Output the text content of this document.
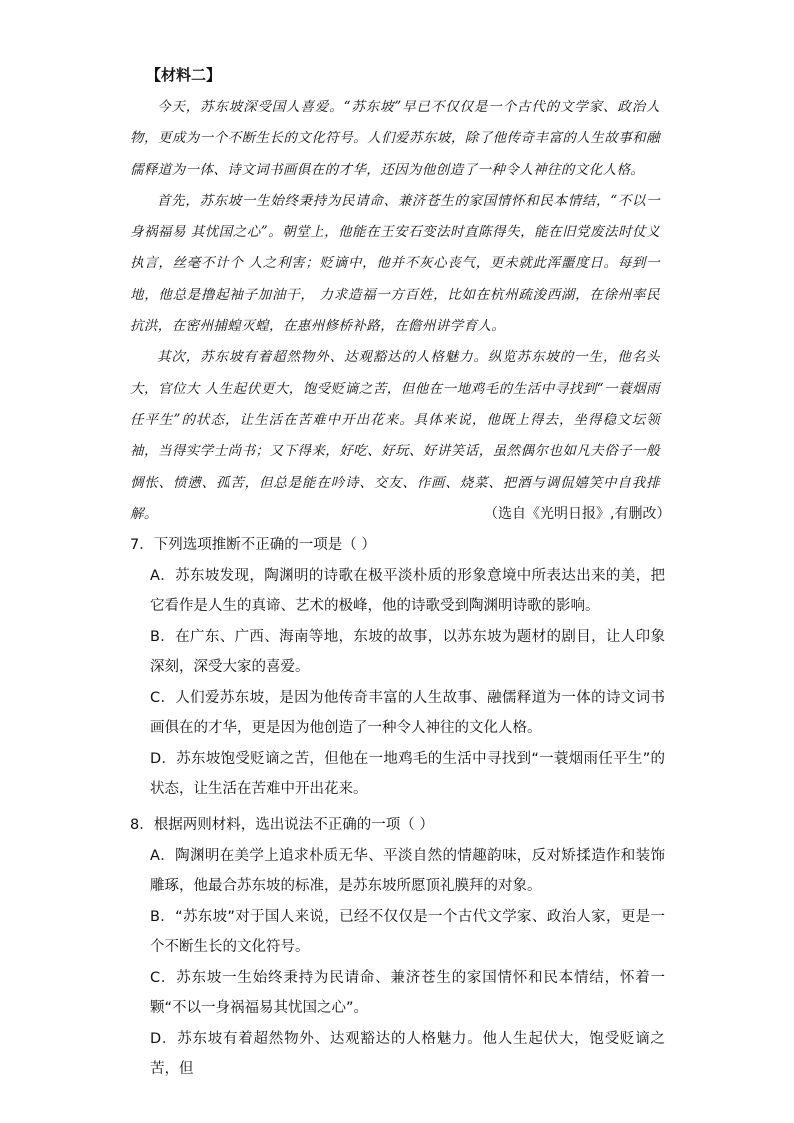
【材料二】

今天，苏东坡深受国人喜爱。“苏东坡”早已不仅仅是一个古代的文学家、政治人物，更成为一个不断生长的文化符号。人们爱苏东坡，除了他传奇丰富的人生故事和融儒释道为一体、诗文词书画俱在的才华，还因为他创造了一种令人神往的文化人格。

首先，苏东坡一生始终秉持为民请命、兼济苍生的家国情怀和民本情结，“不以一身祸福易 其忧国之心”。朝堂上，他能在王安石变法时直陈得失，能在旧党废法时仗义执言，丝毫不计个 人之利害；贬谪中，他并不灰心丧气，更未就此浑噩度日。每到一地，他总是撸起袖子加油干， 力求造福一方百姓，比如在杭州疏浚西湖，在徐州率民抗洪，在密州捕蝗灭蝗，在惠州修桥补路，在儋州讲学育人。

其次，苏东坡有着超然物外、达观豁达的人格魅力。纵览苏东坡的一生，他名头大，官位大 人生起伏更大，饱受贬谪之苦，但他在一地鸡毛的生活中寻找到“一蓑烟雨任平生”的状态，让生活在苦难中开出花来。具体来说，他既上得去，坐得稳文坛领袖，当得实学士尚书；又下得来，好吃、好玩、好讲笑话，虽然偶尔也如凡夫俗子一般惆怅、愤懑、孤苦，但总是能在吟诗、交友、作画、烧菜、把酒与调侃嬉笑中自我排解。	（选自《光明日报》,有删改）

7．下列选项推断不正确的一项是（ ）

A．苏东坡发现，陶渊明的诗歌在极平淡朴质的形象意境中所表达出来的美，把它看作是人生的真谛、艺术的极峰，他的诗歌受到陶渊明诗歌的影响。

B．在广东、广西、海南等地，东坡的故事，以苏东坡为题材的剧目，让人印象深刻，深受大家的喜爱。

C．人们爱苏东坡，是因为他传奇丰富的人生故事、融儒释道为一体的诗文词书画俱在的才华，更是因为他创造了一种令人神往的文化人格。

D．苏东坡饱受贬谪之苦，但他在一地鸡毛的生活中寻找到“一蓑烟雨任平生”的状态，让生活在苦难中开出花来。

8．根据两则材料，选出说法不正确的一项（ ）

A．陶渊明在美学上追求朴质无华、平淡自然的情趣韵味，反对矫揉造作和装饰雕琢，他最合苏东坡的标准，是苏东坡所愿顶礼膜拜的对象。

B．“苏东坡”对于国人来说，已经不仅仅是一个古代文学家、政治人家，更是一个不断生长的文化符号。

C．苏东坡一生始终秉持为民请命、兼济苍生的家国情怀和民本情结，怀着一颗“不以一身祸福易其忧国之心”。

D．苏东坡有着超然物外、达观豁达的人格魅力。他人生起伏大，饱受贬谪之苦，但
